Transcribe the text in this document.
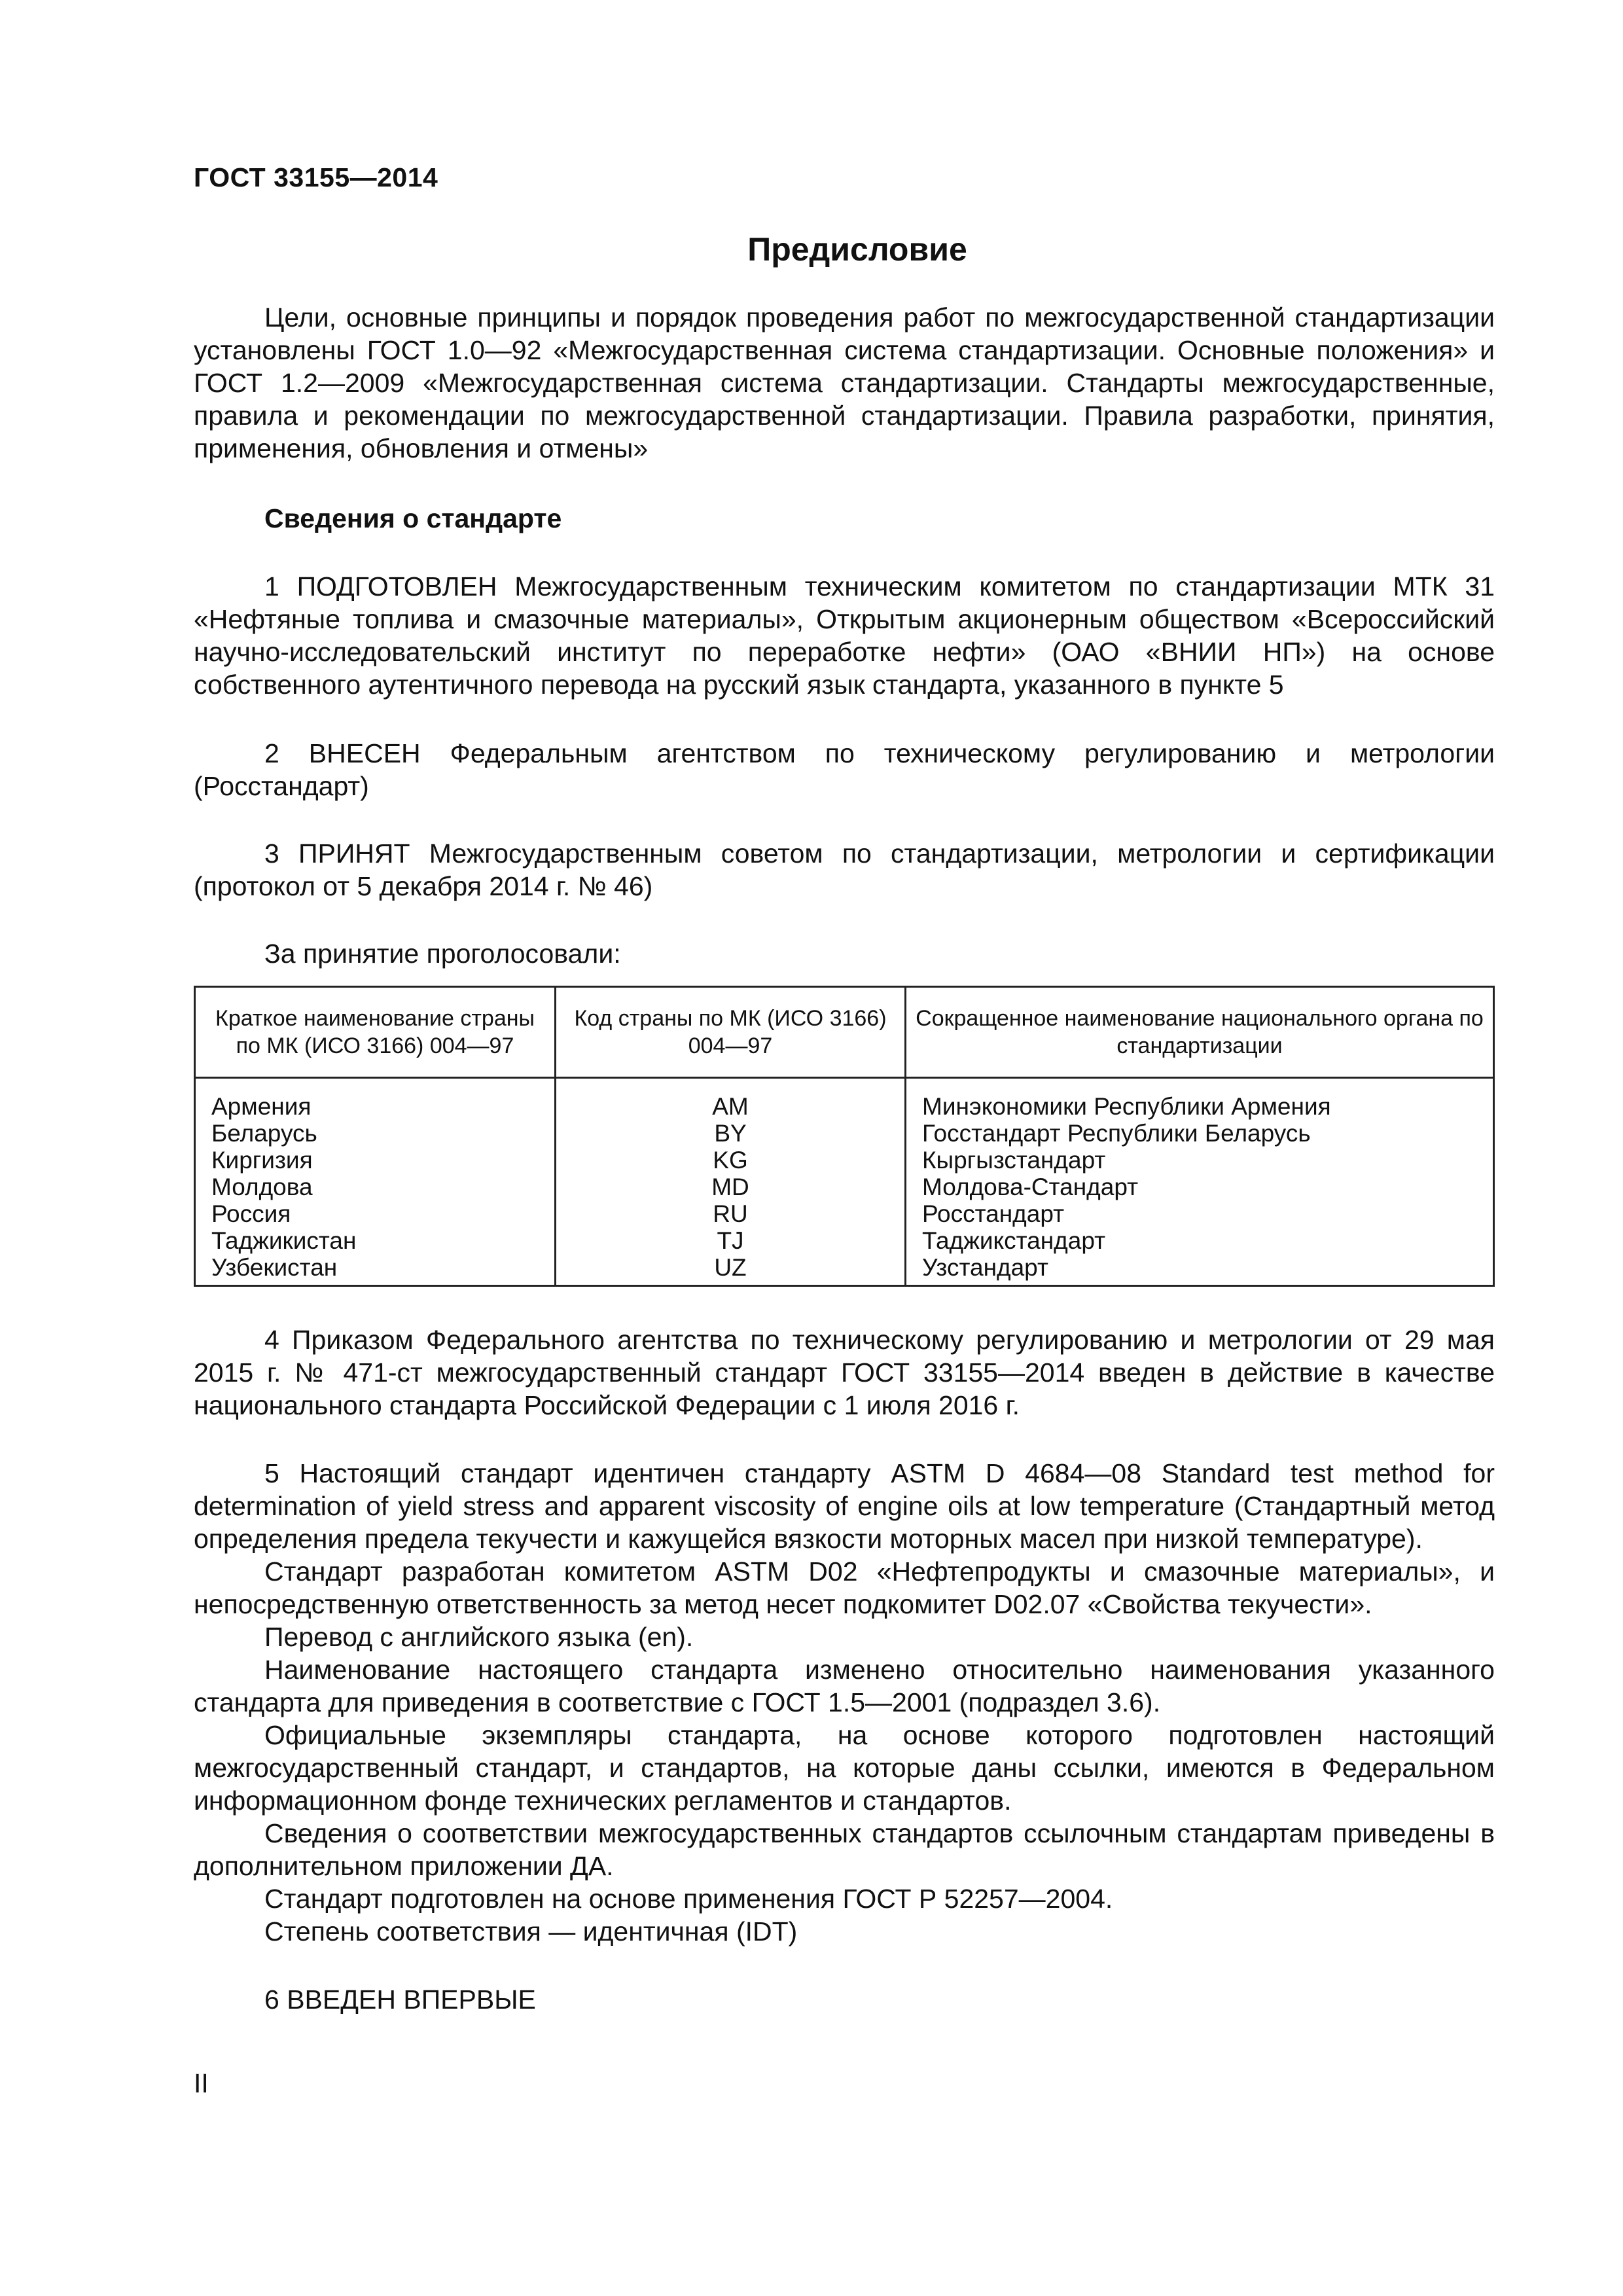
ГОСТ 33155—2014
Предисловие

Цели, основные принципы и порядок проведения работ по межгосударственной стандартизации установлены ГОСТ 1.0—92 «Межгосударственная система стандартизации. Основные положения» и ГОСТ 1.2—2009 «Межгосударственная система стандартизации. Стандарты межгосударственные, правила и рекомендации по межгосударственной стандартизации. Правила разработки, принятия, применения, обновления и отмены»

Сведения о стандарте

1 ПОДГОТОВЛЕН Межгосударственным техническим комитетом по стандартизации МТК 31 «Нефтяные топлива и смазочные материалы», Открытым акционерным обществом «Всероссийский научно-исследовательский институт по переработке нефти» (ОАО «ВНИИ НП») на основе собственного аутентичного перевода на русский язык стандарта, указанного в пункте 5

2 ВНЕСЕН Федеральным агентством по техническому регулированию и метрологии (Росстандарт)

3 ПРИНЯТ Межгосударственным советом по стандартизации, метрологии и сертификации (протокол от 5 декабря 2014 г. № 46)

За принятие проголосовали:
Краткое наименование страны по МК (ИСО 3166) 004—97	Код страны по МК (ИСО 3166) 004—97	Сокращенное наименование национального органа по стандартизации
Армения	AM	Минэкономики Республики Армения
Беларусь	BY	Госстандарт Республики Беларусь
Киргизия	KG	Кыргызстандарт
Молдова	MD	Молдова-Стандарт
Россия	RU	Росстандарт
Таджикистан	TJ	Таджикстандарт
Узбекистан	UZ	Узстандарт

4 Приказом Федерального агентства по техническому регулированию и метрологии от 29 мая 2015 г. № 471-ст межгосударственный стандарт ГОСТ 33155—2014 введен в действие в качестве национального стандарта Российской Федерации с 1 июля 2016 г.

5 Настоящий стандарт идентичен стандарту ASTM D 4684—08 Standard test method for determination of yield stress and apparent viscosity of engine oils at low temperature (Стандартный метод определения предела текучести и кажущейся вязкости моторных масел при низкой температуре).

Стандарт разработан комитетом ASTM D02 «Нефтепродукты и смазочные материалы», и непосредственную ответственность за метод несет подкомитет D02.07 «Свойства текучести».

Перевод с английского языка (en).

Наименование настоящего стандарта изменено относительно наименования указанного стандарта для приведения в соответствие с ГОСТ 1.5—2001 (подраздел 3.6).

Официальные экземпляры стандарта, на основе которого подготовлен настоящий межгосударственный стандарт, и стандартов, на которые даны ссылки, имеются в Федеральном информационном фонде технических регламентов и стандартов.

Сведения о соответствии межгосударственных стандартов ссылочным стандартам приведены в дополнительном приложении ДА.

Стандарт подготовлен на основе применения ГОСТ Р 52257—2004.

Степень соответствия — идентичная (IDT)

6 ВВЕДЕН ВПЕРВЫЕ

II
